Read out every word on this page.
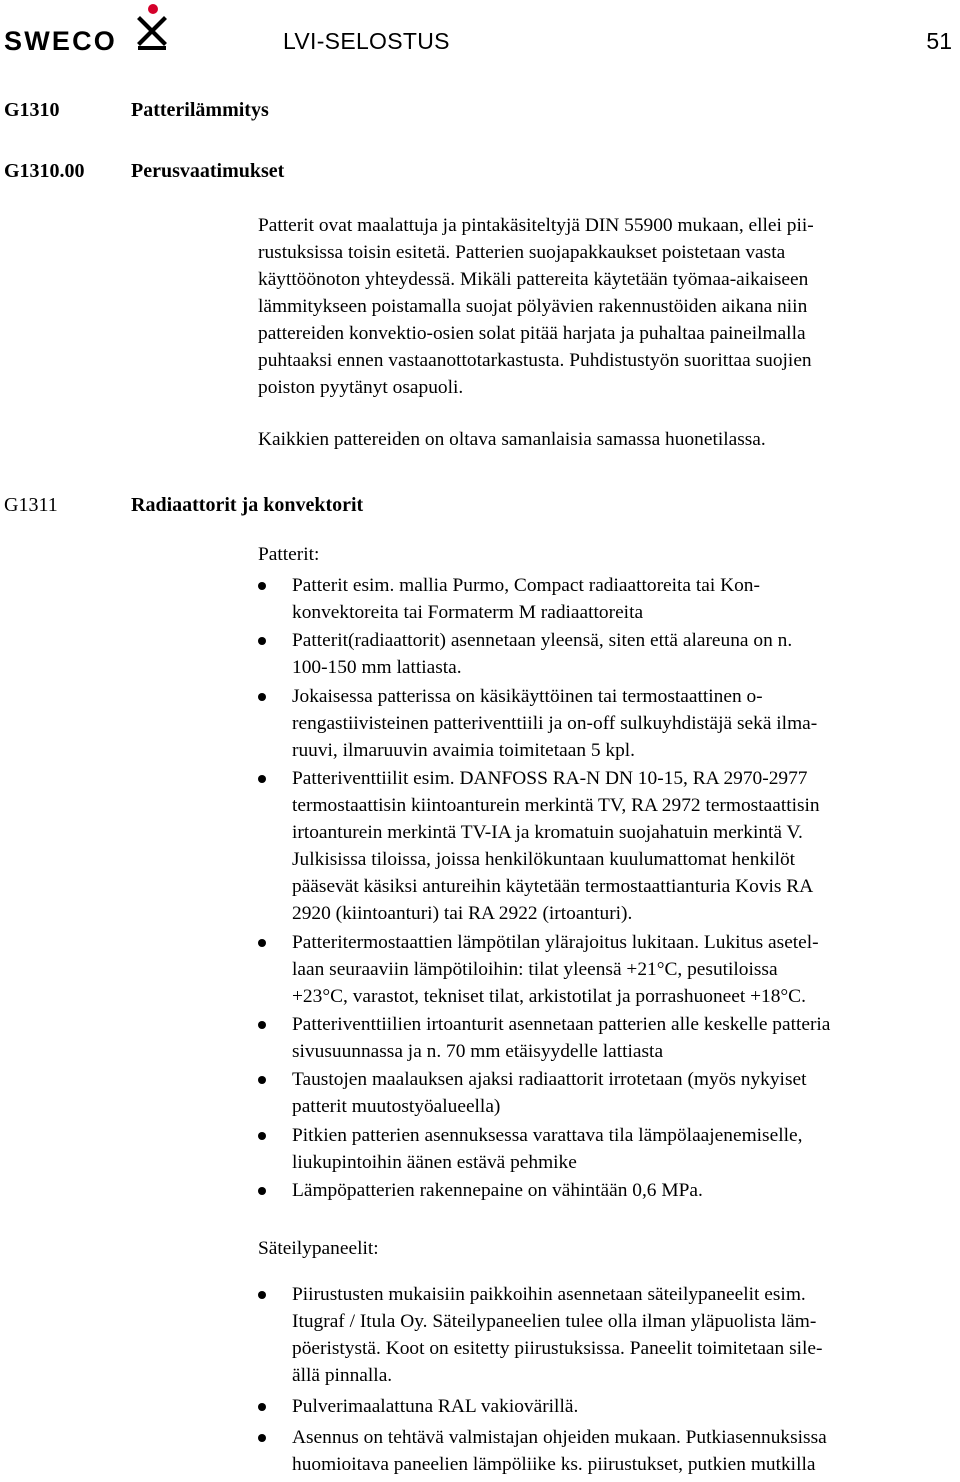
SWECO	LVI-SELOSTUS	51
G1310	Patterilämmitys
G1310.00 Perusvaatimukset

Patterit ovat maalattuja ja pintakäsiteltyjä DIN 55900 mukaan, ellei pii-
rustuksissa toisin esitetä. Patterien suojapakkaukset poistetaan vasta
käyttöönoton yhteydessä. Mikäli pattereita käytetään työmaa-aikaiseen
lämmitykseen poistamalla suojat pölyävien rakennustöiden aikana niin
pattereiden konvektio-osien solat pitää harjata ja puhaltaa paineilmalla
puhtaaksi ennen vastaanottotarkastusta. Puhdistustyön suorittaa suojien
poiston pyytänyt osapuoli.

Kaikkien pattereiden on oltava samanlaisia samassa huonetilassa.

G1311	Radiaattorit ja konvektorit
Patterit:
Patterit esim. mallia Purmo, Compact radiaattoreita tai Kon-
konvektoreita tai Formaterm M radiaattoreita
Patterit(radiaattorit) asennetaan yleensä, siten että alareuna on n.
100-150 mm lattiasta.
Jokaisessa patterissa on käsikäyttöinen tai termostaattinen o-
rengastiivisteinen patteriventtiili ja on-off sulkuyhdistäjä sekä ilma-
ruuvi, ilmaruuvin avaimia toimitetaan 5 kpl.
Patteriventtiilit esim. DANFOSS RA-N DN 10-15, RA 2970-2977
termostaattisin kiintoanturein merkintä TV, RA 2972 termostaattisin
irtoanturein merkintä TV-IA ja kromatuin suojahatuin merkintä V.
Julkisissa tiloissa, joissa henkilökuntaan kuulumattomat henkilöt
pääsevät käsiksi antureihin käytetään termostaattianturia Kovis RA
2920 (kiintoanturi) tai RA 2922 (irtoanturi).
Patteritermostaattien lämpötilan ylärajoitus lukitaan. Lukitus asetel-
laan seuraaviin lämpötiloihin: tilat yleensä +21°C, pesutiloissa
+23°C, varastot, tekniset tilat, arkistotilat ja porrashuoneet +18°C.
Patteriventtiilien irtoanturit asennetaan patterien alle keskelle patteria
sivusuunnassa ja n. 70 mm etäisyydelle lattiasta
Taustojen maalauksen ajaksi radiaattorit irrotetaan (myös nykyiset
patterit muutostyöalueella)
Pitkien patterien asennuksessa varattava tila lämpölaajenemiselle,
liukupintoihin äänen estävä pehmike
Lämpöpatterien rakennepaine on vähintään 0,6 MPa.
Säteilypaneelit:
Piirustusten mukaisiin paikkoihin asennetaan säteilypaneelit esim.
Itugraf / Itula Oy. Säteilypaneelien tulee olla ilman yläpuolista läm-
pöeristystä. Koot on esitetty piirustuksissa. Paneelit toimitetaan sile-
ällä pinnalla.
Pulverimaalattuna RAL vakiovärillä.
Asennus on tehtävä valmistajan ohjeiden mukaan. Putkiasennuksissa
huomioitava paneelien lämpöliike ks. piirustukset, putkien mutkilla
